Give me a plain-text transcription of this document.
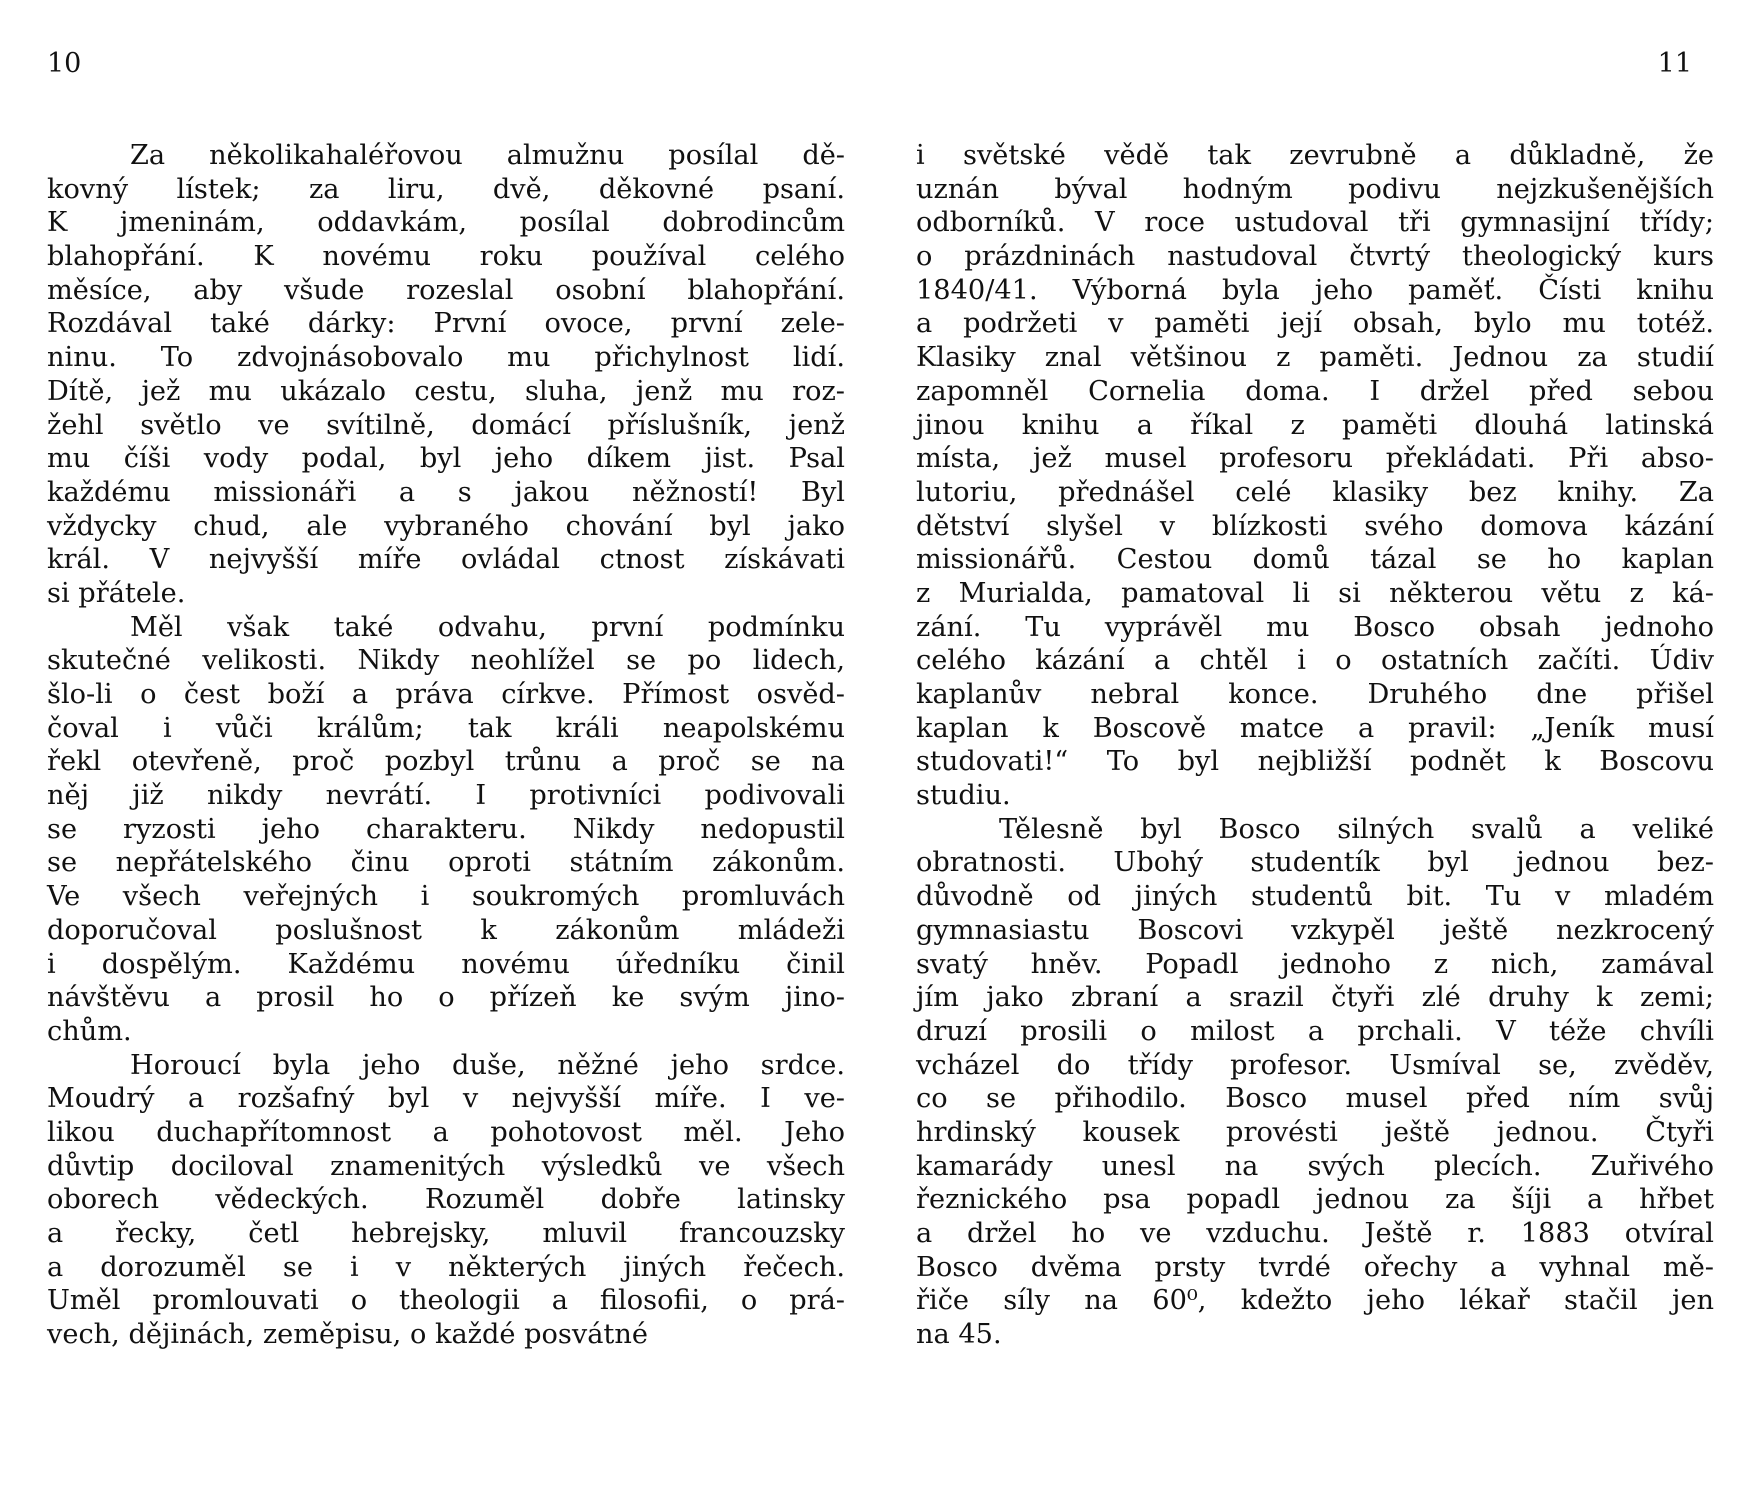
10
Za několikahaléřovou almužnu posílal dě-
kovný lístek; za liru, dvě, děkovné psaní.
K jmeninám, oddavkám, posílal dobrodincům
blahopřání. K novému roku používal celého
měsíce, aby všude rozeslal osobní blahopřání.
Rozdával také dárky: První ovoce, první zele-
ninu. To zdvojnásobovalo mu přichylnost lidí.
Dítě, jež mu ukázalo cestu, sluha, jenž mu roz-
žehl světlo ve svítilně, domácí příslušník, jenž
mu číši vody podal, byl jeho díkem jist. Psal
každému missionáři a s jakou něžností! Byl
vždycky chud, ale vybraného chování byl jako
král. V nejvyšší míře ovládal ctnost získávati
si přátele.
Měl však také odvahu, první podmínku
skutečné velikosti. Nikdy neohlížel se po lidech,
šlo-li o čest boží a práva církve. Přímost osvěd-
čoval i vůči králům; tak králi neapolskému
řekl otevřeně, proč pozbyl trůnu a proč se na
něj již nikdy nevrátí. I protivníci podivovali
se ryzosti jeho charakteru. Nikdy nedopustil
se nepřátelského činu oproti státním zákonům.
Ve všech veřejných i soukromých promluvách
doporučoval poslušnost k zákonům mládeži
i dospělým. Každému novému úředníku činil
návštěvu a prosil ho o přízeň ke svým jino-
chům.
Horoucí byla jeho duše, něžné jeho srdce.
Moudrý a rozšafný byl v nejvyšší míře. I ve-
likou duchapřítomnost a pohotovost měl. Jeho
důvtip dociloval znamenitých výsledků ve všech
oborech vědeckých. Rozuměl dobře latinsky
a řecky, četl hebrejsky, mluvil francouzsky
a dorozuměl se i v některých jiných řečech.
Uměl promlouvati o theologii a filosofii, o prá-
vech, dějinách, zeměpisu, o každé posvátné
11
i světské vědě tak zevrubně a důkladně, že
uznán býval hodným podivu nejzkušenějších
odborníků. V roce ustudoval tři gymnasijní třídy;
o prázdninách nastudoval čtvrtý theologický kurs
1840/41. Výborná byla jeho paměť. Čísti knihu
a podržeti v paměti její obsah, bylo mu totéž.
Klasiky znal většinou z paměti. Jednou za studií
zapomněl Cornelia doma. I držel před sebou
jinou knihu a říkal z paměti dlouhá latinská
místa, jež musel profesoru překládati. Při abso-
lutoriu, přednášel celé klasiky bez knihy. Za
dětství slyšel v blízkosti svého domova kázání
missionářů. Cestou domů tázal se ho kaplan
z Murialda, pamatoval li si některou větu z ká-
zání. Tu vyprávěl mu Bosco obsah jednoho
celého kázání a chtěl i o ostatních začíti. Údiv
kaplanův nebral konce. Druhého dne přišel
kaplan k Boscově matce a pravil: „Jeník musí
studovati!“ To byl nejbližší podnět k Boscovu
studiu.
Tělesně byl Bosco silných svalů a veliké
obratnosti. Ubohý studentík byl jednou bez-
důvodně od jiných studentů bit. Tu v mladém
gymnasiastu Boscovi vzkypěl ještě nezkrocený
svatý hněv. Popadl jednoho z nich, zamával
jím jako zbraní a srazil čtyři zlé druhy k zemi;
druzí prosili o milost a prchali. V téže chvíli
vcházel do třídy profesor. Usmíval se, zvěděv,
co se přihodilo. Bosco musel před ním svůj
hrdinský kousek provésti ještě jednou. Čtyři
kamarády unesl na svých plecích. Zuřivého
řeznického psa popadl jednou za šíji a hřbet
a držel ho ve vzduchu. Ještě r. 1883 otvíral
Bosco dvěma prsty tvrdé ořechy a vyhnal mě-
řiče síly na 60⁰, kdežto jeho lékař stačil jen
na 45.
